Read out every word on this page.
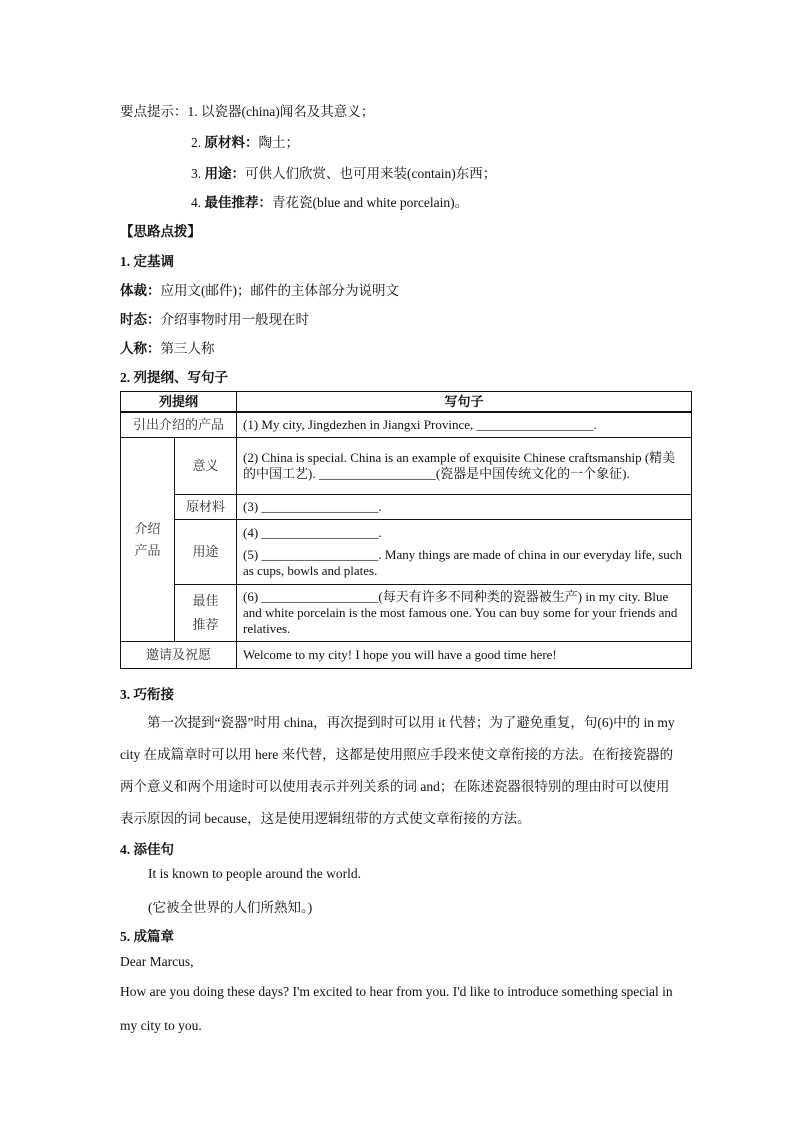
要点提示：1. 以瓷器(china)闻名及其意义；
2. 原材料：陶土；
3. 用途：可供人们欣赏、也可用来装(contain)东西；
4. 最佳推荐：青花瓷(blue and white porcelain)。
【思路点拨】
1. 定基调
体裁：应用文(邮件)；邮件的主体部分为说明文
时态：介绍事物时用一般现在时
人称：第三人称
2. 列提纲、写句子
列提纲		写句子
引出介绍的产品		(1) My city, Jingdezhen in Jiangxi Province, __________________.
介绍
产品	意义	(2) China is special. China is an example of exquisite Chinese craftsmanship (精美的中国工艺). __________________(瓷器是中国传统文化的一个象征).
	原材料	(3) __________________.
	用途	(4) __________________.
(5) __________________. Many things are made of china in our everyday life, such as cups, bowls and plates.

	最佳
推荐	(6) __________________(每天有许多不同种类的瓷器被生产) in my city. Blue and white porcelain is the most famous one. You can buy some for your friends and relatives.
邀请及祝愿		Welcome to my city! I hope you will have a good time here!
3. 巧衔接
第一次提到“瓷器”时用 china，再次提到时可以用 it 代替；为了避免重复，句(6)中的 in my city 在成篇章时可以用 here 来代替，这都是使用照应手段来使文章衔接的方法。在衔接瓷器的两个意义和两个用途时可以使用表示并列关系的词 and；在陈述瓷器很特别的理由时可以使用表示原因的词 because，这是使用逻辑纽带的方式使文章衔接的方法。
4. 添佳句
It is known to people around the world.
(它被全世界的人们所熟知。)
5. 成篇章
Dear Marcus,
How are you doing these days? I'm excited to hear from you. I'd like to introduce something special in my city to you.
